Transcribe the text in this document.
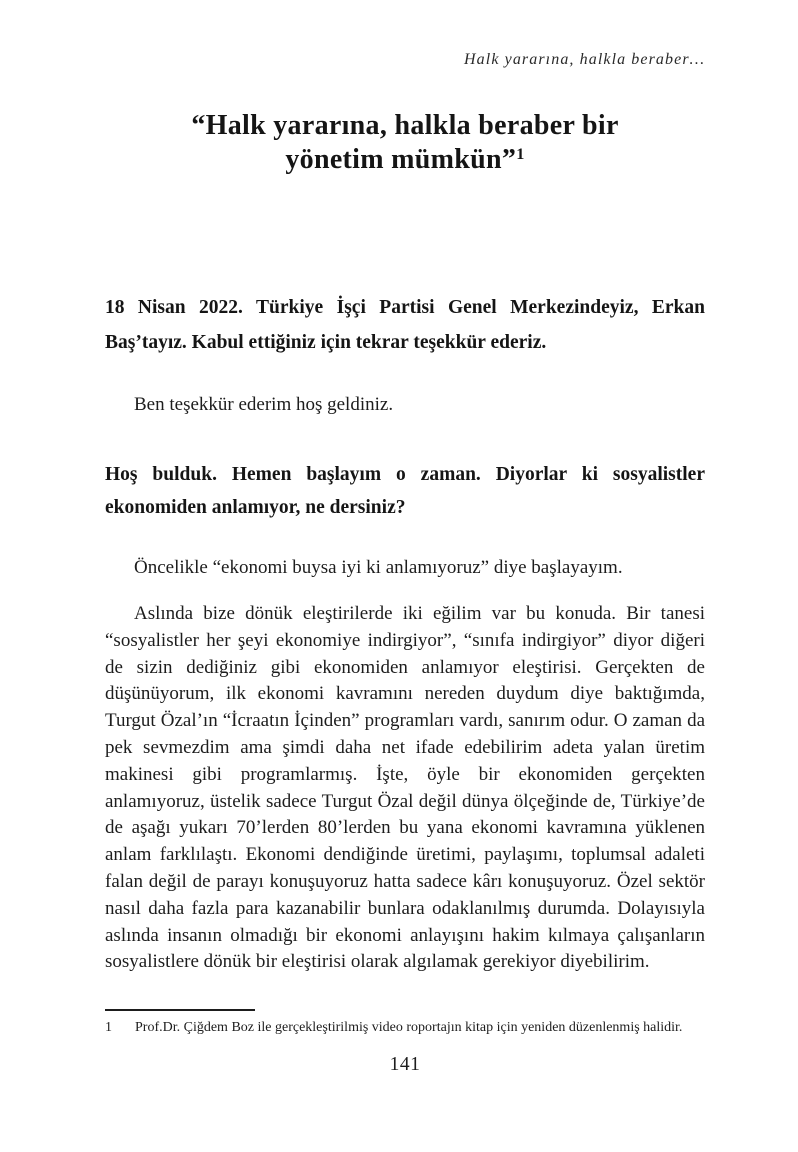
Halk yararına, halkla beraber…
“Halk yararına, halkla beraber bir
yönetim mümkün”$^1$

18 Nisan 2022. Türkiye İşçi Partisi Genel Merkezindeyiz, Erkan Baş’tayız. Kabul ettiğiniz için tekrar teşekkür ederiz.

Ben teşekkür ederim hoş geldiniz.

Hoş bulduk. Hemen başlayım o zaman. Diyorlar ki sosyalistler ekonomiden anlamıyor, ne dersiniz?

Öncelikle “ekonomi buysa iyi ki anlamıyoruz” diye başlayayım.

Aslında bize dönük eleştirilerde iki eğilim var bu konuda. Bir tanesi “sosyalistler her şeyi ekonomiye indirgiyor”, “sınıfa indirgiyor” diyor diğeri de sizin dediğiniz gibi ekonomiden anlamıyor eleştirisi. Gerçekten de düşünüyorum, ilk ekonomi kavramını nereden duydum diye baktığımda, Turgut Özal’ın “İcraatın İçinden” programları vardı, sanırım odur. O zaman da pek sevmezdim ama şimdi daha net ifade edebilirim adeta yalan üretim makinesi gibi programlarmış. İşte, öyle bir ekonomiden gerçekten anlamıyoruz, üstelik sadece Turgut Özal değil dünya ölçeğinde de, Türkiye’de de aşağı yukarı 70’lerden 80’lerden bu yana ekonomi kavramına yüklenen anlam farklılaştı. Ekonomi dendiğinde üretimi, paylaşımı, toplumsal adaleti falan değil de parayı konuşuyoruz hatta sadece kârı konuşuyoruz. Özel sektör nasıl daha fazla para kazanabilir bunlara odaklanılmış durumda. Dolayısıyla aslında insanın olmadığı bir ekonomi anlayışını hakim kılmaya çalışanların sosyalistlere dönük bir eleştirisi olarak algılamak gerekiyor diyebilirim.

1 Prof.Dr. Çiğdem Boz ile gerçekleştirilmiş video roportajın kitap için yeniden düzenlenmiş halidir.
141
